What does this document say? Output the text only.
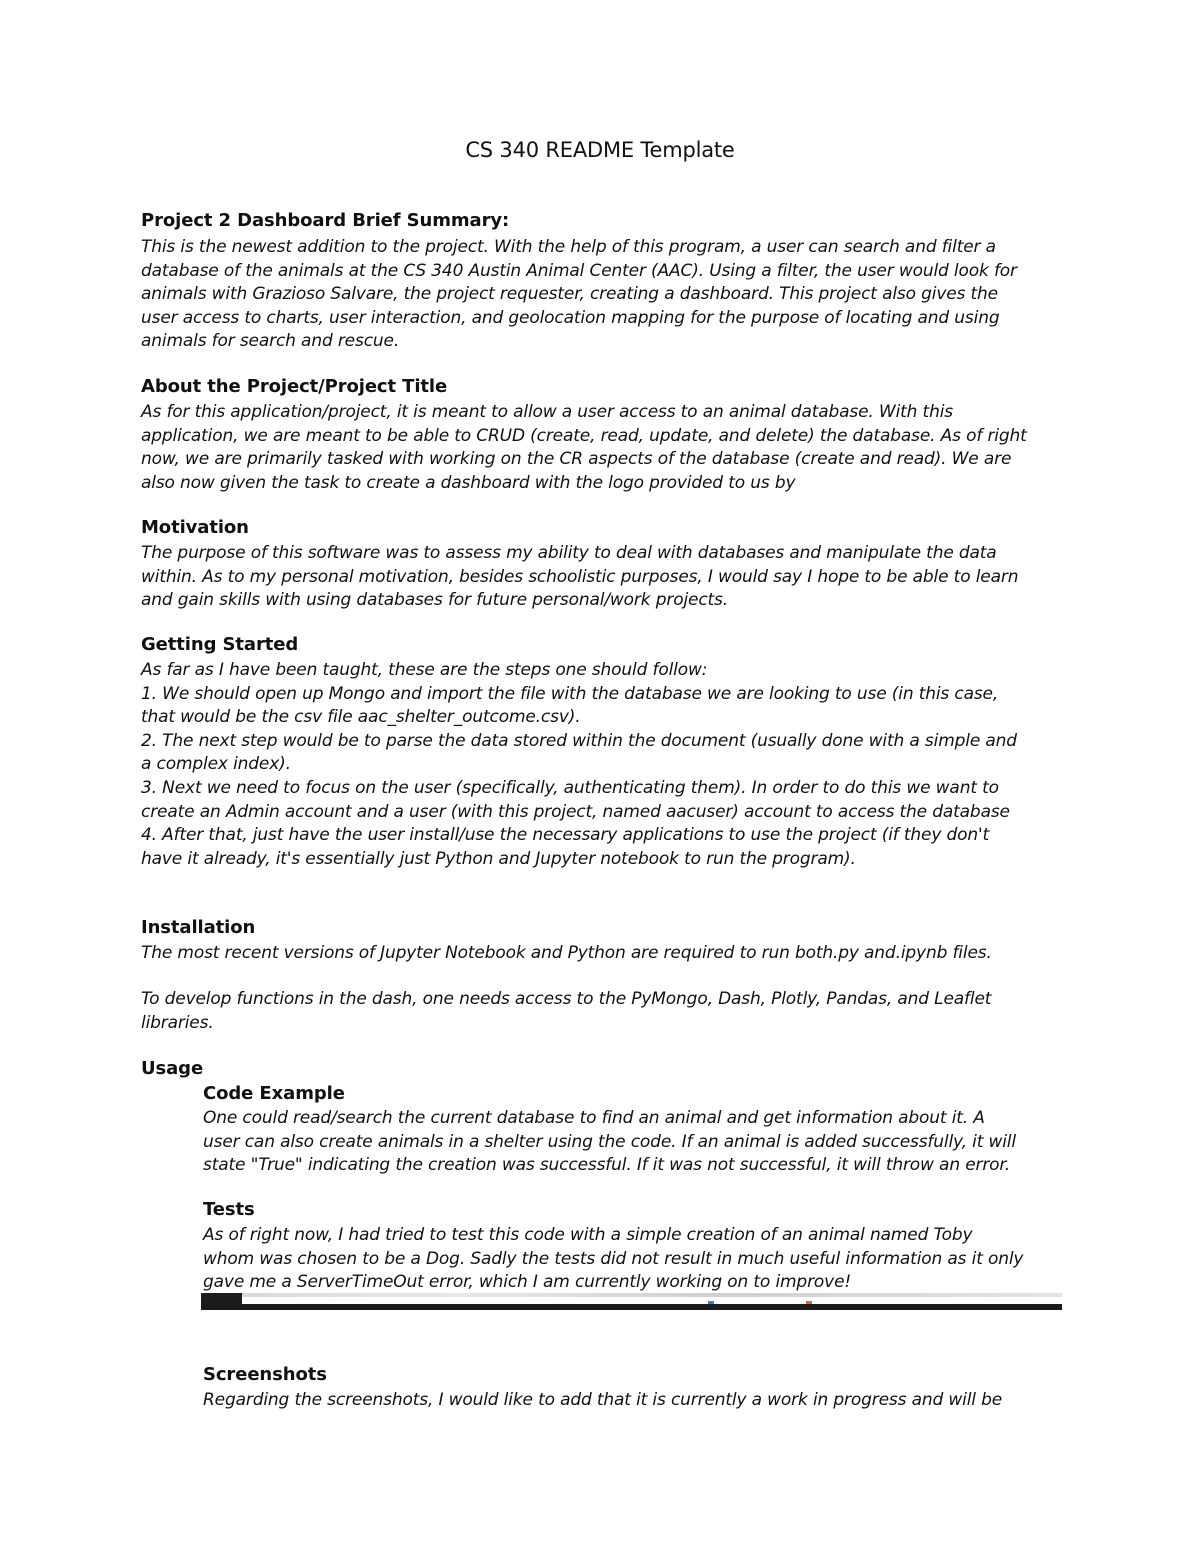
CS 340 README Template
Project 2 Dashboard Brief Summary:
This is the newest addition to the project. With the help of this program, a user can search and filter a
database of the animals at the CS 340 Austin Animal Center (AAC). Using a filter, the user would look for
animals with Grazioso Salvare, the project requester, creating a dashboard. This project also gives the
user access to charts, user interaction, and geolocation mapping for the purpose of locating and using
animals for search and rescue.
About the Project/Project Title
As for this application/project, it is meant to allow a user access to an animal database. With this
application, we are meant to be able to CRUD (create, read, update, and delete) the database. As of right
now, we are primarily tasked with working on the CR aspects of the database (create and read). We are
also now given the task to create a dashboard with the logo provided to us by
Motivation
The purpose of this software was to assess my ability to deal with databases and manipulate the data
within. As to my personal motivation, besides schoolistic purposes, I would say I hope to be able to learn
and gain skills with using databases for future personal/work projects.
Getting Started
As far as I have been taught, these are the steps one should follow:
1. We should open up Mongo and import the file with the database we are looking to use (in this case,
that would be the csv file aac_shelter_outcome.csv).
2. The next step would be to parse the data stored within the document (usually done with a simple and
a complex index).
3. Next we need to focus on the user (specifically, authenticating them). In order to do this we want to
create an Admin account and a user (with this project, named aacuser) account to access the database
4. After that, just have the user install/use the necessary applications to use the project (if they don't
have it already, it's essentially just Python and Jupyter notebook to run the program).
Installation
The most recent versions of Jupyter Notebook and Python are required to run both.py and.ipynb files.
To develop functions in the dash, one needs access to the PyMongo, Dash, Plotly, Pandas, and Leaflet
libraries.
Usage
Code Example
One could read/search the current database to find an animal and get information about it. A
user can also create animals in a shelter using the code. If an animal is added successfully, it will
state "True" indicating the creation was successful. If it was not successful, it will throw an error.
Tests
As of right now, I had tried to test this code with a simple creation of an animal named Toby
whom was chosen to be a Dog. Sadly the tests did not result in much useful information as it only
gave me a ServerTimeOut error, which I am currently working on to improve!
Screenshots
Regarding the screenshots, I would like to add that it is currently a work in progress and will be
